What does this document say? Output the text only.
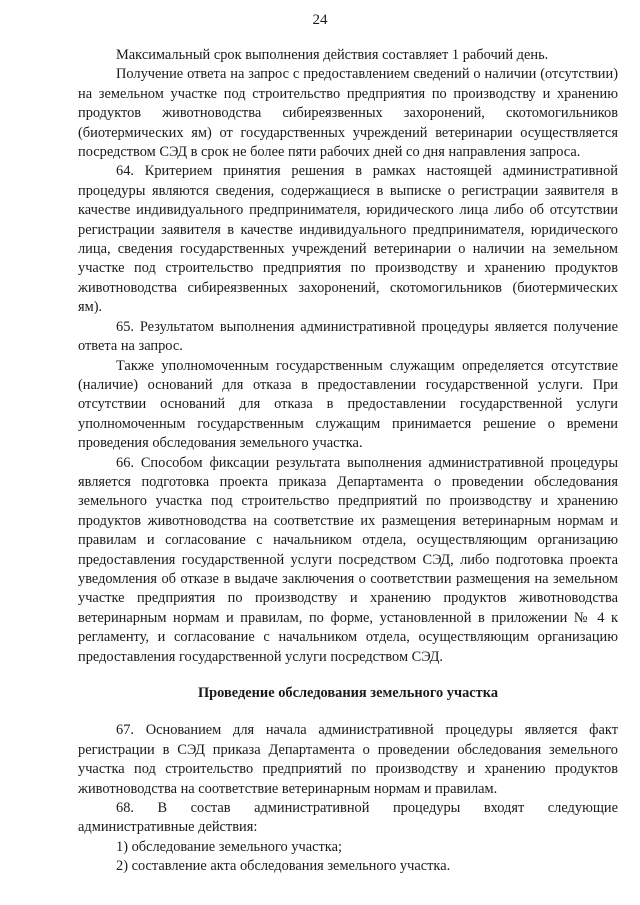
24

Максимальный срок выполнения действия составляет 1 рабочий день.

Получение ответа на запрос с предоставлением сведений о наличии (отсутствии) на земельном участке под строительство предприятия по производству и хранению продуктов животноводства сибиреязвенных захоронений, скотомогильников (биотермических ям) от государственных учреждений ветеринарии осуществляется посредством СЭД в срок не более пяти рабочих дней со дня направления запроса.

64. Критерием принятия решения в рамках настоящей административной процедуры являются сведения, содержащиеся в выписке о регистрации заявителя в качестве индивидуального предпринимателя, юридического лица либо об отсутствии регистрации заявителя в качестве индивидуального предпринимателя, юридического лица, сведения государственных учреждений ветеринарии о наличии на земельном участке под строительство предприятия по производству и хранению продуктов животноводства сибиреязвенных захоронений, скотомогильников (биотермических ям).

65. Результатом выполнения административной процедуры является получение ответа на запрос.

Также уполномоченным государственным служащим определяется отсутствие (наличие) оснований для отказа в предоставлении государственной услуги. При отсутствии оснований для отказа в предоставлении государственной услуги уполномоченным государственным служащим принимается решение о времени проведения обследования земельного участка.

66. Способом фиксации результата выполнения административной процедуры является подготовка проекта приказа Департамента о проведении обследования земельного участка под строительство предприятий по производству и хранению продуктов животноводства на соответствие их размещения ветеринарным нормам и правилам и согласование с начальником отдела, осуществляющим организацию предоставления государственной услуги посредством СЭД, либо подготовка проекта уведомления об отказе в выдаче заключения о соответствии размещения на земельном участке предприятия по производству и хранению продуктов животноводства ветеринарным нормам и правилам, по форме, установленной в приложении № 4 к регламенту, и согласование с начальником отдела, осуществляющим организацию предоставления государственной услуги посредством СЭД.

Проведение обследования земельного участка

67. Основанием для начала административной процедуры является факт регистрации в СЭД приказа Департамента о проведении обследования земельного участка под строительство предприятий по производству и хранению продуктов животноводства на соответствие ветеринарным нормам и правилам.

68. В состав административной процедуры входят следующие административные действия:

1) обследование земельного участка;

2) составление акта обследования земельного участка.
